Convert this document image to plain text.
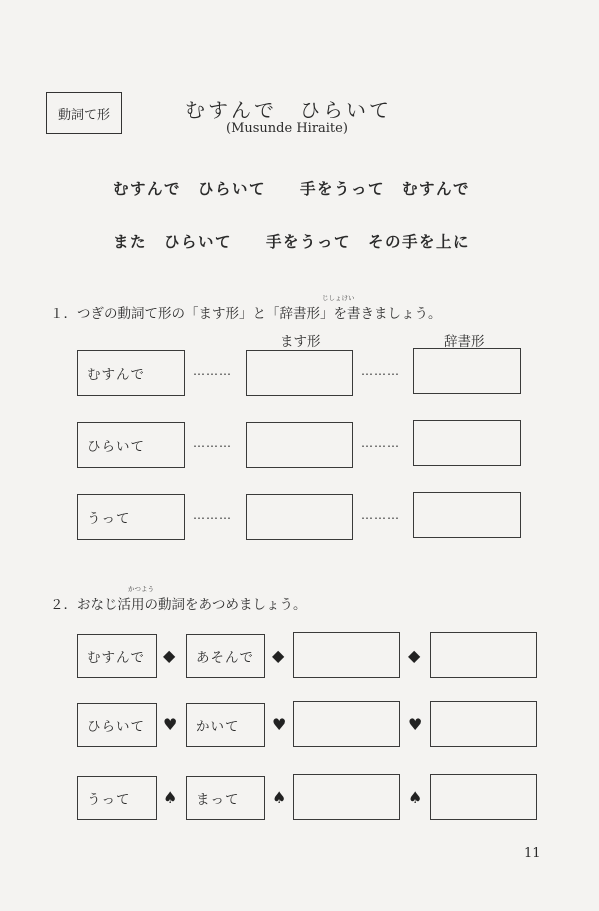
動詞て形	むすんで　ひらいて
(Musunde Hiraite)
むすんで　ひらいて　　手をうって　むすんで
また　ひらいて　　手をうって　その手を上に
１．つぎの動詞て形の「ます形」と「辞書形」を書きましょう。
じしょけい
ます形	辞書形
むすんで	………	………
ひらいて	………	………
うって	………	………
２．おなじ活用の動詞をあつめましょう。
かつよう
むすんで ◆ あそんで ◆	◆
ひらいて ♥ かいて ♥	♥
うって ♠ まって ♠	♠
11
